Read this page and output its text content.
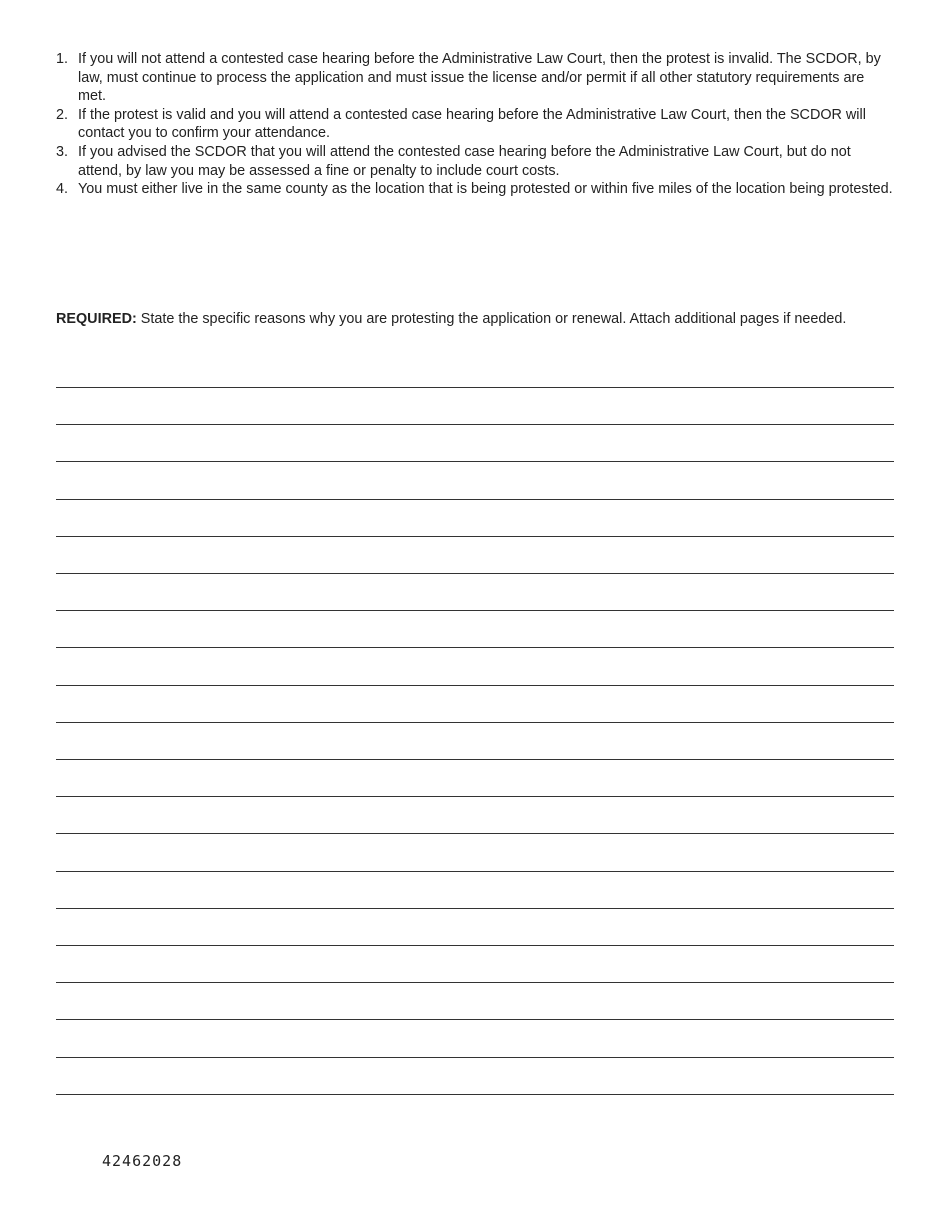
1. If you will not attend a contested case hearing before the Administrative Law Court, then the protest is invalid. The SCDOR, by law, must continue to process the application and must issue the license and/or permit if all other statutory requirements are met.
2. If the protest is valid and you will attend a contested case hearing before the Administrative Law Court, then the SCDOR will contact you to confirm your attendance.
3. If you advised the SCDOR that you will attend the contested case hearing before the Administrative Law Court, but do not attend, by law you may be assessed a fine or penalty to include court costs.
4. You must either live in the same county as the location that is being protested or within five miles of the location being protested.

REQUIRED: State the specific reasons why you are protesting the application or renewal. Attach additional pages if needed.

42462028
